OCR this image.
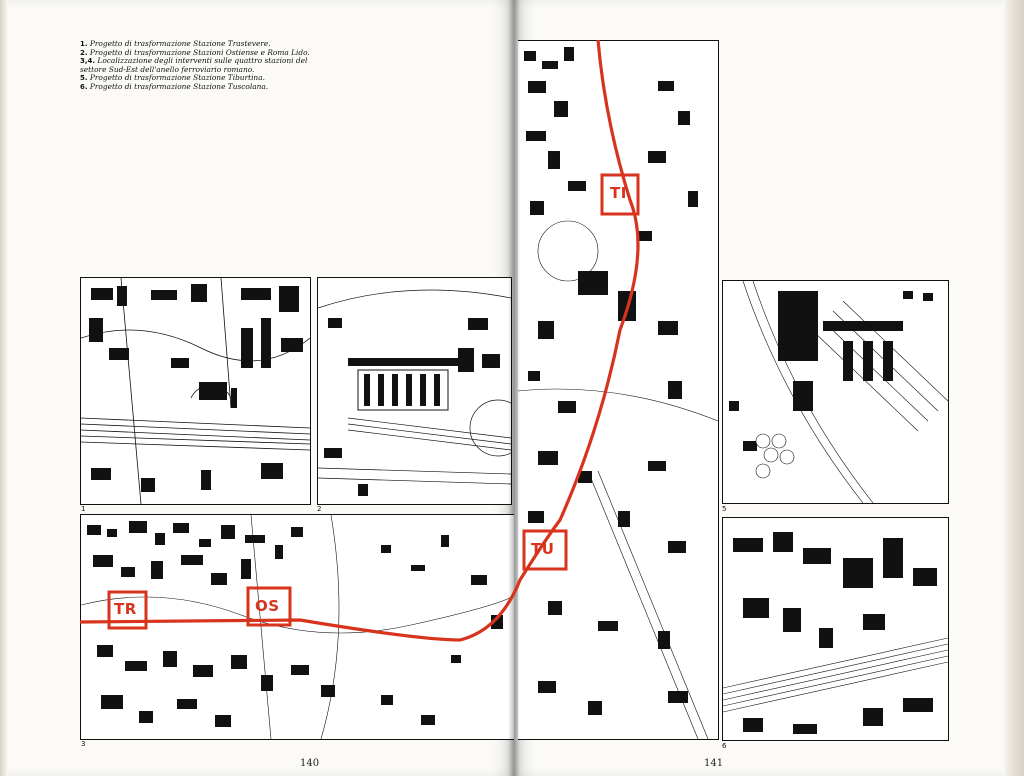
1. Progetto di trasformazione Stazione Trastevere.

2. Progetto di trasformazione Stazioni Ostiense e Roma Lido.

3,4. Localizzazione degli interventi sulle quattro stazioni del settore Sud-Est dell'anello ferroviario romano.

5. Progetto di trasformazione Stazione Tiburtina.

6. Progetto di trasformazione Stazione Tuscolana.

1	2
3
140
5
6
141
TR	OS
TU
TI
